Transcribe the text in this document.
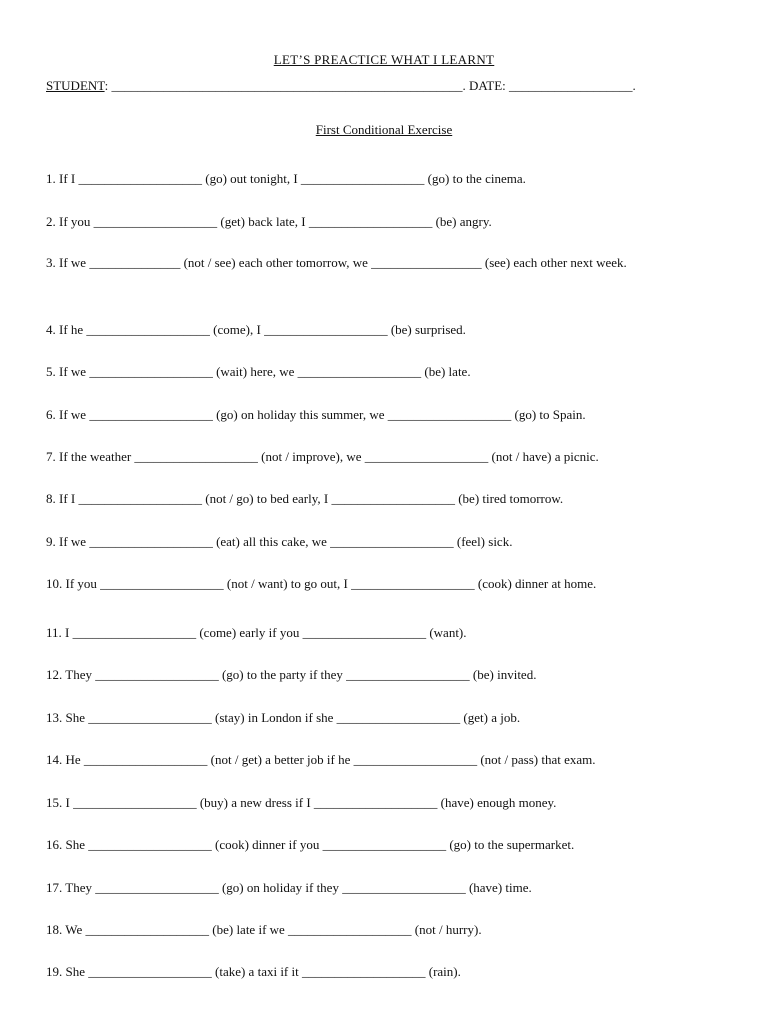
LET’S PREACTICE WHAT I LEARNT
STUDENT: ______________________________________________________. DATE: ___________________.
First Conditional Exercise
1. If I ___________________ (go) out tonight, I ___________________ (go) to the cinema.
2. If you ___________________ (get) back late, I ___________________ (be) angry.
3. If we ______________ (not / see) each other tomorrow, we _________________ (see) each other next week.
4. If he ___________________ (come), I ___________________ (be) surprised.
5. If we ___________________ (wait) here, we ___________________ (be) late.
6. If we ___________________ (go) on holiday this summer, we ___________________ (go) to Spain.
7. If the weather ___________________ (not / improve), we ___________________ (not / have) a picnic.
8. If I ___________________ (not / go) to bed early, I ___________________ (be) tired tomorrow.
9. If we ___________________ (eat) all this cake, we ___________________ (feel) sick.
10. If you ___________________ (not / want) to go out, I ___________________ (cook) dinner at home.
11. I ___________________ (come) early if you ___________________ (want).
12. They ___________________ (go) to the party if they ___________________ (be) invited.
13. She ___________________ (stay) in London if she ___________________ (get) a job.
14. He ___________________ (not / get) a better job if he ___________________ (not / pass) that exam.
15. I ___________________ (buy) a new dress if I ___________________ (have) enough money.
16. She ___________________ (cook) dinner if you ___________________ (go) to the supermarket.
17. They ___________________ (go) on holiday if they ___________________ (have) time.
18. We ___________________ (be) late if we ___________________ (not / hurry).
19. She ___________________ (take) a taxi if it ___________________ (rain).
